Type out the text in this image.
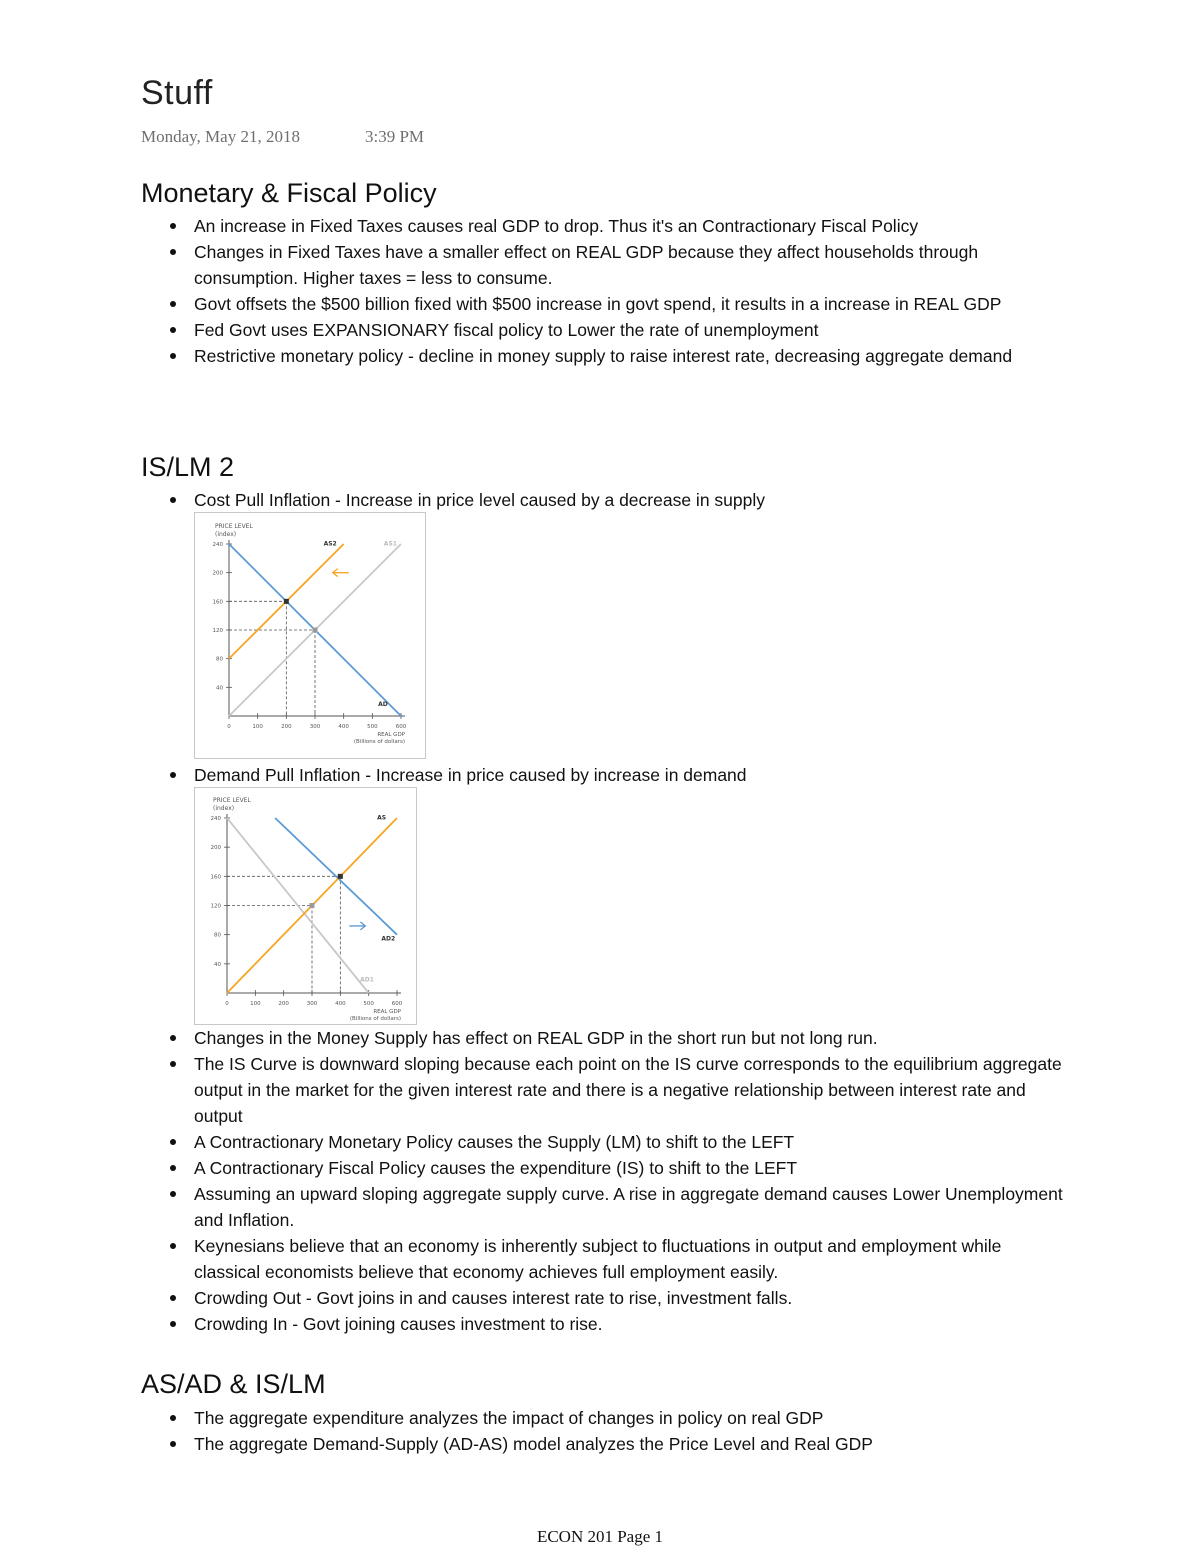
Stuff
Monday, May 21, 2018	3:39 PM
Monetary & Fiscal Policy
An increase in Fixed Taxes causes real GDP to drop. Thus it's an Contractionary Fiscal Policy
Changes in Fixed Taxes have a smaller effect on REAL GDP because they affect households through consumption. Higher taxes = less to consume.
Govt offsets the $500 billion fixed with $500 increase in govt spend, it results in a increase in REAL GDP
Fed Govt uses EXPANSIONARY fiscal policy to Lower the rate of unemployment
Restrictive monetary policy - decline in money supply to raise interest rate, decreasing aggregate demand
IS/LM 2
Cost Pull Inflation - Increase in price level caused by a decrease in supply
PRICE LEVEL
(index)
40
80
120
160
200
240
0	100	200	300	400	500	600
REAL GDP
(Billions of dollars)
AS2	AS1
AD
Demand Pull Inflation - Increase in price caused by increase in demand
PRICE LEVEL
(index)
40
80
120
160
200
240
0	100	200	300	400	500	600
REAL GDP
(Billions of dollars)
AS
AD2
AD1
Changes in the Money Supply has effect on REAL GDP in the short run but not long run.
The IS Curve is downward sloping because each point on the IS curve corresponds to the equilibrium aggregate output in the market for the given interest rate and there is a negative relationship between interest rate and output
A Contractionary Monetary Policy causes the Supply (LM) to shift to the LEFT
A Contractionary Fiscal Policy causes the expenditure (IS) to shift to the LEFT
Assuming an upward sloping aggregate supply curve. A rise in aggregate demand causes Lower Unemployment and Inflation.
Keynesians believe that an economy is inherently subject to fluctuations in output and employment while classical economists believe that economy achieves full employment easily.
Crowding Out - Govt joins in and causes interest rate to rise, investment falls.
Crowding In - Govt joining causes investment to rise.
AS/AD & IS/LM
The aggregate expenditure analyzes the impact of changes in policy on real GDP
The aggregate Demand-Supply (AD-AS) model analyzes the Price Level and Real GDP
ECON 201 Page 1
